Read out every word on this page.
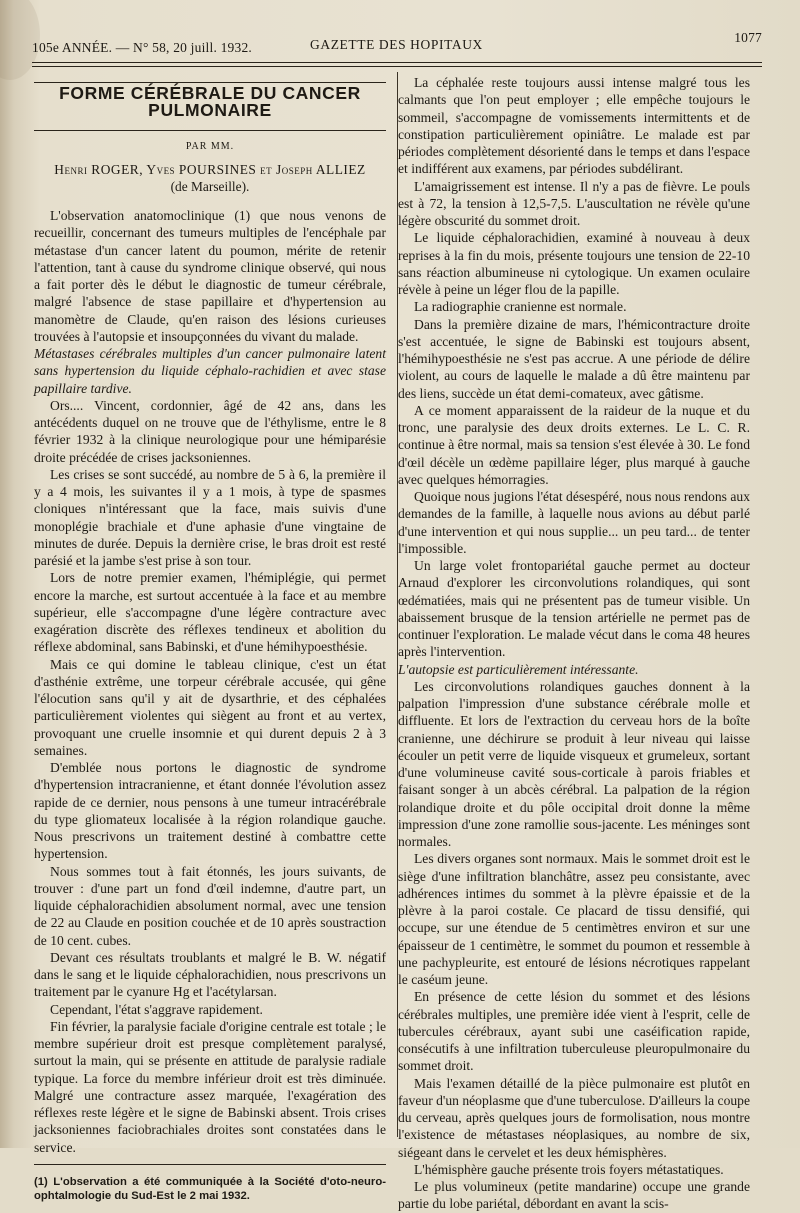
105e ANNÉE. — N° 58, 20 juill. 1932.	GAZETTE DES HOPITAUX	1077
FORME CÉRÉBRALE DU CANCER PULMONAIRE
PAR MM.
Henri ROGER, Yves POURSINES et Joseph ALLIEZ
(de Marseille).

L'observation anatomoclinique (1) que nous venons de recueillir, concernant des tumeurs multiples de l'encéphale par métastase d'un cancer latent du poumon, mérite de retenir l'attention, tant à cause du syndrome clinique observé, qui nous a fait porter dès le début le diagnostic de tumeur cérébrale, malgré l'absence de stase papillaire et d'hypertension au manomètre de Claude, qu'en raison des lésions curieuses trouvées à l'autopsie et insoupçonnées du vivant du malade.

Métastases cérébrales multiples d'un cancer pulmonaire latent sans hypertension du liquide céphalo-rachidien et avec stase papillaire tardive.

Ors.... Vincent, cordonnier, âgé de 42 ans, dans les antécédents duquel on ne trouve que de l'éthylisme, entre le 8 février 1932 à la clinique neurologique pour une hémiparésie droite précédée de crises jacksoniennes.

Les crises se sont succédé, au nombre de 5 à 6, la première il y a 4 mois, les suivantes il y a 1 mois, à type de spasmes cloniques n'intéressant que la face, mais suivis d'une monoplégie brachiale et d'une aphasie d'une vingtaine de minutes de durée. Depuis la dernière crise, le bras droit est resté parésié et la jambe s'est prise à son tour.

Lors de notre premier examen, l'hémiplégie, qui permet encore la marche, est surtout accentuée à la face et au membre supérieur, elle s'accompagne d'une légère contracture avec exagération discrète des réflexes tendineux et abolition du réflexe abdominal, sans Babinski, et d'une hémihypoesthésie.

Mais ce qui domine le tableau clinique, c'est un état d'asthénie extrême, une torpeur cérébrale accusée, qui gêne l'élocution sans qu'il y ait de dysarthrie, et des céphalées particulièrement violentes qui siègent au front et au vertex, provoquant une cruelle insomnie et qui durent depuis 2 à 3 semaines.

D'emblée nous portons le diagnostic de syndrome d'hypertension intracranienne, et étant donnée l'évolution assez rapide de ce dernier, nous pensons à une tumeur intracérébrale du type gliomateux localisée à la région rolandique gauche. Nous prescrivons un traitement destiné à combattre cette hypertension.

Nous sommes tout à fait étonnés, les jours suivants, de trouver : d'une part un fond d'œil indemne, d'autre part, un liquide céphalorachidien absolument normal, avec une tension de 22 au Claude en position couchée et de 10 après soustraction de 10 cent. cubes.

Devant ces résultats troublants et malgré le B. W. négatif dans le sang et le liquide céphalorachidien, nous prescrivons un traitement par le cyanure Hg et l'acétylarsan.

Cependant, l'état s'aggrave rapidement.

Fin février, la paralysie faciale d'origine centrale est totale ; le membre supérieur droit est presque complètement paralysé, surtout la main, qui se présente en attitude de paralysie radiale typique. La force du membre inférieur droit est très diminuée. Malgré une contracture assez marquée, l'exagération des réflexes reste légère et le signe de Babinski absent. Trois crises jacksoniennes faciobrachiales droites sont constatées dans le service.

(1) L'observation a été communiquée à la Société d'oto-neuro-ophtalmologie du Sud-Est le 2 mai 1932.

La céphalée reste toujours aussi intense malgré tous les calmants que l'on peut employer ; elle empêche toujours le sommeil, s'accompagne de vomissements intermittents et de constipation particulièrement opiniâtre. Le malade est par périodes complètement désorienté dans le temps et dans l'espace et indifférent aux examens, par périodes subdélirant.

L'amaigrissement est intense. Il n'y a pas de fièvre. Le pouls est à 72, la tension à 12,5-7,5. L'auscultation ne révèle qu'une légère obscurité du sommet droit.

Le liquide céphalorachidien, examiné à nouveau à deux reprises à la fin du mois, présente toujours une tension de 22-10 sans réaction albumineuse ni cytologique. Un examen oculaire révèle à peine un léger flou de la papille.

La radiographie cranienne est normale.

Dans la première dizaine de mars, l'hémicontracture droite s'est accentuée, le signe de Babinski est toujours absent, l'hémihypoesthésie ne s'est pas accrue. A une période de délire violent, au cours de laquelle le malade a dû être maintenu par des liens, succède un état demi-comateux, avec gâtisme.

A ce moment apparaissent de la raideur de la nuque et du tronc, une paralysie des deux droits externes. Le L. C. R. continue à être normal, mais sa tension s'est élevée à 30. Le fond d'œil décèle un œdème papillaire léger, plus marqué à gauche avec quelques hémorragies.

Quoique nous jugions l'état désespéré, nous nous rendons aux demandes de la famille, à laquelle nous avions au début parlé d'une intervention et qui nous supplie... un peu tard... de tenter l'impossible.

Un large volet frontopariétal gauche permet au docteur Arnaud d'explorer les circonvolutions rolandiques, qui sont œdématiées, mais qui ne présentent pas de tumeur visible. Un abaissement brusque de la tension artérielle ne permet pas de continuer l'exploration. Le malade vécut dans le coma 48 heures après l'intervention.

L'autopsie est particulièrement intéressante.

Les circonvolutions rolandiques gauches donnent à la palpation l'impression d'une substance cérébrale molle et diffluente. Et lors de l'extraction du cerveau hors de la boîte cranienne, une déchirure se produit à leur niveau qui laisse écouler un petit verre de liquide visqueux et grumeleux, sortant d'une volumineuse cavité sous-corticale à parois friables et faisant songer à un abcès cérébral. La palpation de la région rolandique droite et du pôle occipital droit donne la même impression d'une zone ramollie sous-jacente. Les méninges sont normales.

Les divers organes sont normaux. Mais le sommet droit est le siège d'une infiltration blanchâtre, assez peu consistante, avec adhérences intimes du sommet à la plèvre épaissie et de la plèvre à la paroi costale. Ce placard de tissu densifié, qui occupe, sur une étendue de 5 centimètres environ et sur une épaisseur de 1 centimètre, le sommet du poumon et ressemble à une pachypleurite, est entouré de lésions nécrotiques rappelant le caséum jeune.

En présence de cette lésion du sommet et des lésions cérébrales multiples, une première idée vient à l'esprit, celle de tubercules cérébraux, ayant subi une caséification rapide, consécutifs à une infiltration tuberculeuse pleuropulmonaire du sommet droit.

Mais l'examen détaillé de la pièce pulmonaire est plutôt en faveur d'un néoplasme que d'une tuberculose. D'ailleurs la coupe du cerveau, après quelques jours de formolisation, nous montre l'existence de métastases néoplasiques, au nombre de six, siégeant dans le cervelet et les deux hémisphères.

L'hémisphère gauche présente trois foyers métastatiques.

Le plus volumineux (petite mandarine) occupe une grande partie du lobe pariétal, débordant en avant la scis-
